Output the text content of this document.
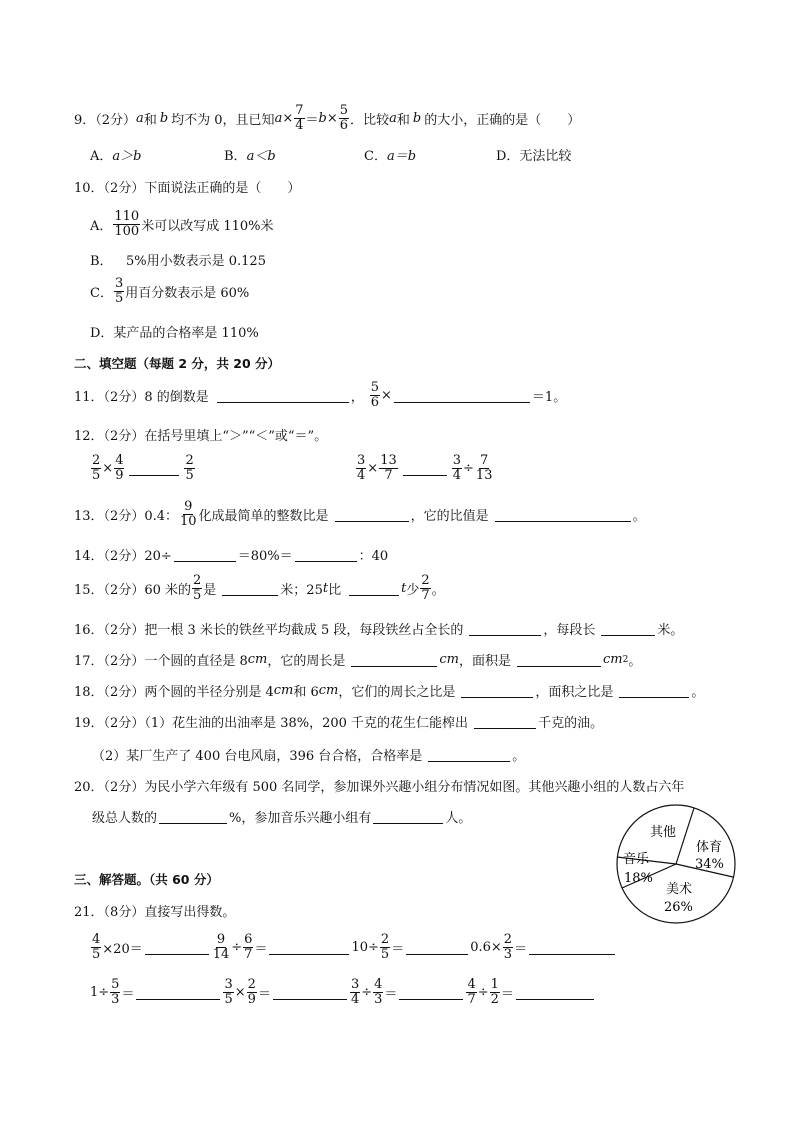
9．（2分） a 和 b 均不为 0，且已知 $a \times \frac{7}{4} = b \times \frac{5}{6}$ ． 比较 a 和 b 的大小，正确的是（　　）
A．a＞b	B．a＜b	C．a＝b	D．无法比较
10．（2分）下面说法正确的是（　　）
A． $\frac{110}{100}$ 米可以改写成 110%米
B．	5%用小数表示是 0.125
C． $\frac{3}{5}$ 用百分数表示是 60%
D．某产品的合格率是 110%
二、填空题（每题 2 分，共 20 分）
11．（2分）8 的倒数是	， $\frac{5}{6}$ ×	＝1。
12．（2分）在括号里填上“＞”“＜”或“＝”。
$\frac{2}{5} \times \frac{4}{9}$	$\frac{2}{5}$	$\frac{3}{4} \times \frac{13}{7}$	$\frac{3}{4} \div \frac{7}{13}$
13．（2分）0.4： $\frac{9}{10}$ 化成最简单的整数比是	，它的比值是	。
14．（2分）20÷	＝80%＝	：40
15．（2分）60 米的 $\frac{2}{5}$ 是	米；25 t 比	t 少 $\frac{2}{7}$ 。
16．（2分）把一根 3 米长的铁丝平均截成 5 段，每段铁丝占全长的	，每段长	米。
17．（2分）一个圆的直径是 8 cm ，它的周长是	cm ，面积是	cm 2 。
18．（2分）两个圆的半径分别是 4 cm 和 6 cm ，它们的周长之比是	，面积之比是	。
19．（2分）（1）花生油的出油率是 38%，200 千克的花生仁能榨出	千克的油。
（2）某厂生产了 400 台电风扇，396 台合格，合格率是	。
20．（2分）为民小学六年级有 500 名同学，参加课外兴趣小组分布情况如图。其他兴趣小组的人数占六年
级总人数的	%，参加音乐兴趣小组有	人。
其他
体育
34%
音乐
18%
美术
26%
三、解答题。（共 60 分）
21．（8分）直接写出得数。
$\frac{4}{5} \times 20=$	$\frac{9}{14} \div \frac{6}{7}$ ＝	$10\div \frac{2}{5}$ ＝	$0.6\times \frac{2}{3}$ ＝
$1\div \frac{5}{3}$ ＝	$\frac{3}{5} \times \frac{2}{9}$ ＝	$\frac{3}{4} \div \frac{4}{3}$ ＝	$\frac{4}{7} \div \frac{1}{2}$ ＝
